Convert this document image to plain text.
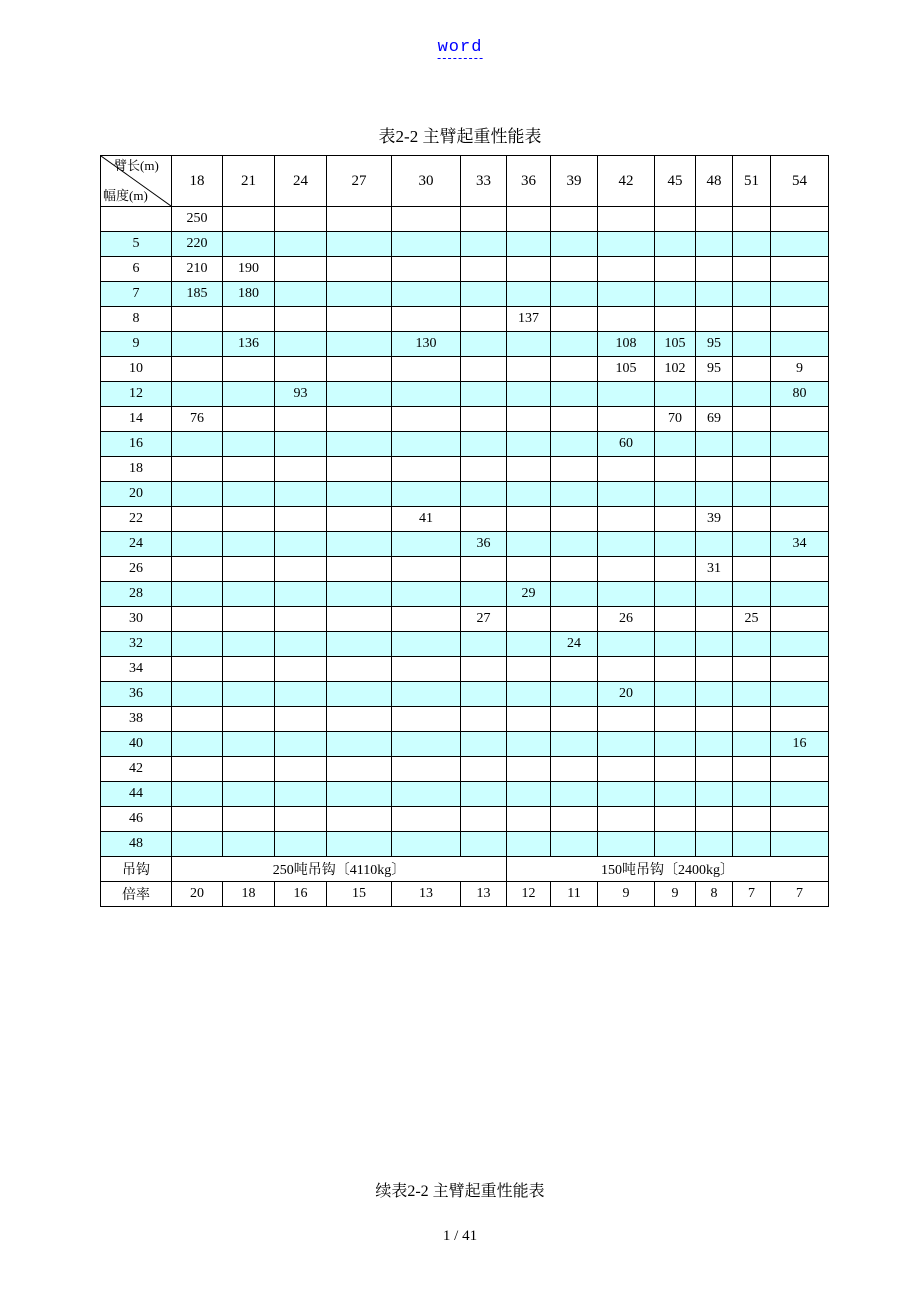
word
表2-2 主臂起重性能表
臂长(m)
幅度(m)	18	21	24	27	30	33	36	39	42	45	48	51	54
	250												
5	220												
6	210	190											
7	185	180											
8							137						
9		136			130				108	105	95		
10									105	102	95		9
12			93										80
14	76									70	69		
16									60				
18													
20													
22					41						39		
24						36							34
26											31		
28							29						
30						27			26			25	
32								24					
34													
36									20				
38													
40													16
42													
44													
46													
48													
吊钩	250吨吊钩〔4110kg〕						150吨吊钩〔2400kg〕						
倍率	20	18	16	15	13	13	12	11	9	9	8	7	7
续表2-2 主臂起重性能表
1 / 41
